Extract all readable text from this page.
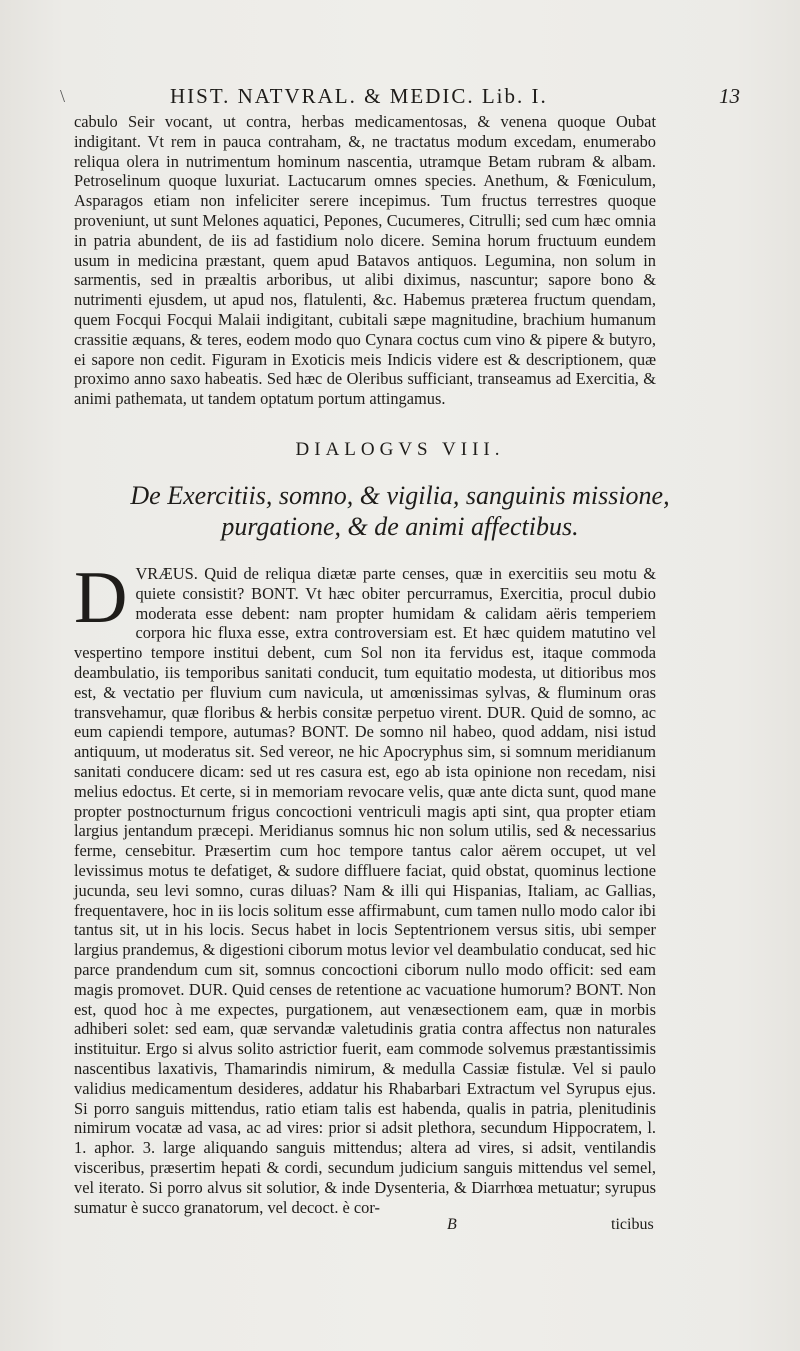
\	HIST. NATVRAL. & MEDIC. Lib. I.	13
cabulo Seir vocant, ut contra, herbas medicamentosas, & venena quoque Oubat indigitant. Vt rem in pauca contraham, &, ne tractatus modum excedam, enumerabo reliqua olera in nutrimentum hominum nascentia, utramque Betam rubram & albam. Petroselinum quoque luxuriat. Lactucarum omnes species. Anethum, & Fœniculum, Asparagos etiam non infeliciter serere incepimus. Tum fructus terrestres quoque proveniunt, ut sunt Melones aquatici, Pepones, Cucumeres, Citrulli; sed cum hæc omnia in patria abundent, de iis ad fastidium nolo dicere. Semina horum fructuum eundem usum in medicina præstant, quem apud Batavos antiquos. Legumina, non solum in sarmentis, sed in præaltis arboribus, ut alibi diximus, nascuntur; sapore bono & nutrimenti ejusdem, ut apud nos, flatulenti, &c. Habemus præterea fructum quendam, quem Focqui Focqui Malaii indigitant, cubitali sæpe magnitudine, brachium humanum crassitie æquans, & teres, eodem modo quo Cynara coctus cum vino & pipere & butyro, ei sapore non cedit. Figuram in Exoticis meis Indicis videre est & descriptionem, quæ proximo anno saxo habeatis. Sed hæc de Oleribus sufficiant, transeamus ad Exercitia, & animi pathemata, ut tandem optatum portum attingamus.
DIALOGVS VIII.
De Exercitiis, somno, & vigilia, sanguinis missione, purgatione, & de animi affectibus.
DVRÆUS. Quid de reliqua diætæ parte censes, quæ in exercitiis seu motu & quiete consistit? BONT. Vt hæc obiter percurramus, Exercitia, procul dubio moderata esse debent: nam propter humidam & calidam aëris temperiem corpora hic fluxa esse, extra controversiam est. Et hæc quidem matutino vel vespertino tempore institui debent, cum Sol non ita fervidus est, itaque commoda deambulatio, iis temporibus sanitati conducit, tum equitatio modesta, ut ditioribus mos est, & vectatio per fluvium cum navicula, ut amœnissimas sylvas, & fluminum oras transvehamur, quæ floribus & herbis consitæ perpetuo virent. DUR. Quid de somno, ac eum capiendi tempore, autumas? BONT. De somno nil habeo, quod addam, nisi istud antiquum, ut moderatus sit. Sed vereor, ne hic Apocryphus sim, si somnum meridianum sanitati conducere dicam: sed ut res casura est, ego ab ista opinione non recedam, nisi melius edoctus. Et certe, si in memoriam revocare velis, quæ ante dicta sunt, quod mane propter postnocturnum frigus concoctioni ventriculi magis apti sint, qua propter etiam largius jentandum præcepi. Meridianus somnus hic non solum utilis, sed & necessarius ferme, censebitur. Præsertim cum hoc tempore tantus calor aërem occupet, ut vel levissimus motus te defatiget, & sudore diffluere faciat, quid obstat, quominus lectione jucunda, seu levi somno, curas diluas? Nam & illi qui Hispanias, Italiam, ac Gallias, frequentavere, hoc in iis locis solitum esse affirmabunt, cum tamen nullo modo calor ibi tantus sit, ut in his locis. Secus habet in locis Septentrionem versus sitis, ubi semper largius prandemus, & digestioni ciborum motus levior vel deambulatio conducat, sed hic parce prandendum cum sit, somnus concoctioni ciborum nullo modo officit: sed eam magis promovet. DUR. Quid censes de retentione ac vacuatione humorum? BONT. Non est, quod hoc à me expectes, purgationem, aut venæsectionem eam, quæ in morbis adhiberi solet: sed eam, quæ servandæ valetudinis gratia contra affectus non naturales instituitur. Ergo si alvus solito astrictior fuerit, eam commode solvemus præstantissimis nascentibus laxativis, Thamarindis nimirum, & medulla Cassiæ fistulæ. Vel si paulo validius medicamentum desideres, addatur his Rhabarbari Extractum vel Syrupus ejus. Si porro sanguis mittendus, ratio etiam talis est habenda, qualis in patria, plenitudinis nimirum vocatæ ad vasa, ac ad vires: prior si adsit plethora, secundum Hippocratem, l. 1. aphor. 3. large aliquando sanguis mittendus; altera ad vires, si adsit, ventilandis visceribus, præsertim hepati & cordi, secundum judicium sanguis mittendus vel semel, vel iterato. Si porro alvus sit solutior, & inde Dysenteria, & Diarrhœa metuatur; syrupus sumatur è succo granatorum, vel decoct. è cor-
B	ticibus
